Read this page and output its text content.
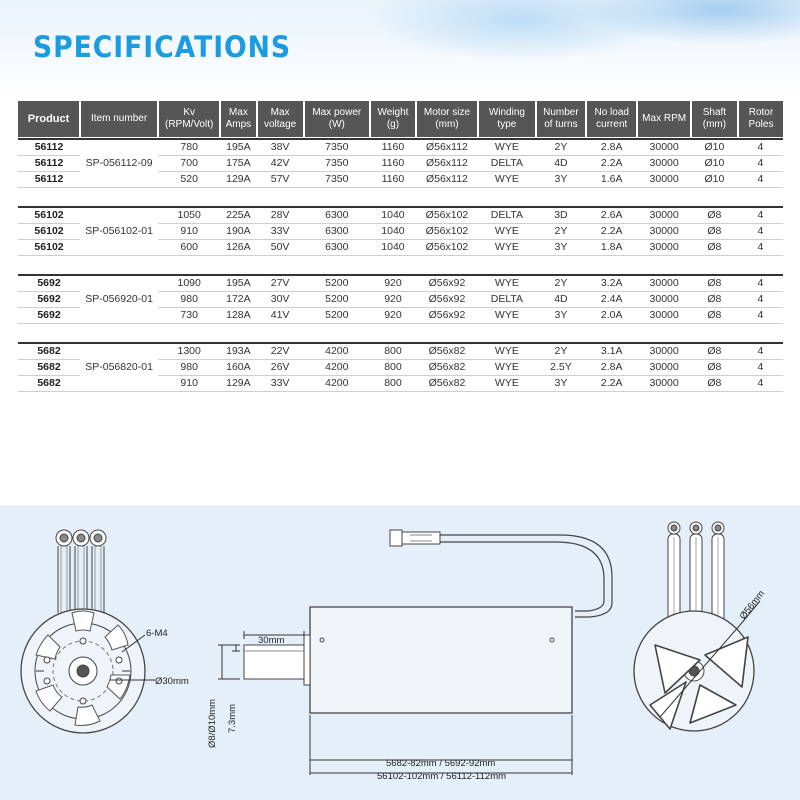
SPECIFICATIONS
Product	Item number	Kv (RPM/Volt)	Max Amps	Max voltage	Max power (W)	Weight (g)	Motor size (mm)	Winding type	Number of turns	No load current	Max RPM	Shaft (mm)	Rotor Poles

56112	SP-056112-09	780	195A	38V	7350	1160	Ø56x112	WYE	2Y	2.8A	30000	Ø10	4
56112		700	175A	42V	7350	1160	Ø56x112	DELTA	4D	2.2A	30000	Ø10	4
56112		520	129A	57V	7350	1160	Ø56x112	WYE	3Y	1.6A	30000	Ø10	4

56102	SP-056102-01	1050	225A	28V	6300	1040	Ø56x102	DELTA	3D	2.6A	30000	Ø8	4
56102		910	190A	33V	6300	1040	Ø56x102	WYE	2Y	2.2A	30000	Ø8	4
56102		600	126A	50V	6300	1040	Ø56x102	WYE	3Y	1.8A	30000	Ø8	4

5692	SP-056920-01	1090	195A	27V	5200	920	Ø56x92	WYE	2Y	3.2A	30000	Ø8	4
5692		980	172A	30V	5200	920	Ø56x92	DELTA	4D	2.4A	30000	Ø8	4
5692		730	128A	41V	5200	920	Ø56x92	WYE	3Y	2.0A	30000	Ø8	4

5682	SP-056820-01	1300	193A	22V	4200	800	Ø56x82	WYE	2Y	3.1A	30000	Ø8	4
5682		980	160A	26V	4200	800	Ø56x82	WYE	2.5Y	2.8A	30000	Ø8	4
5682		910	129A	33V	4200	800	Ø56x82	WYE	3Y	2.2A	30000	Ø8	4
6-M4
Ø30mm
30mm
Ø8/Ø10mm 7.3mm
5682-82mm / 5692-92mm
56102-102mm / 56112-112mm
Ø56mm
